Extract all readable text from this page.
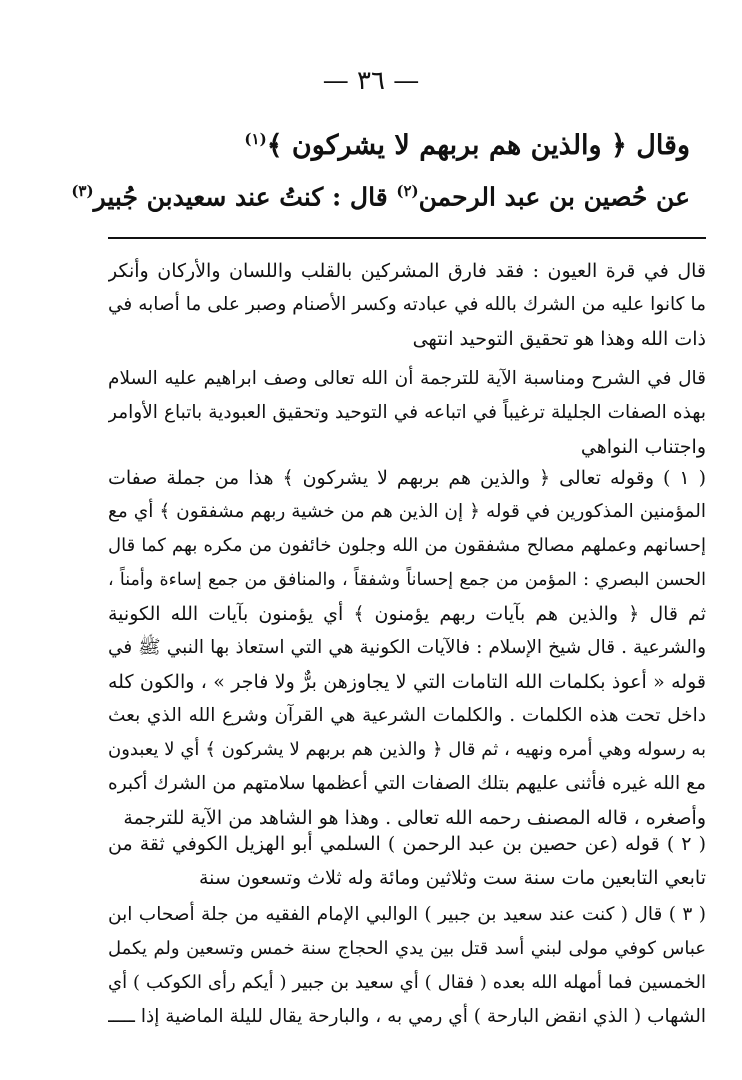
— ٣٦ —
وقال ﴿ والذين هم بربهم لا يشركون ﴾$^{(١)}$
عن حُصين بن عبد الرحمن$^{(٢)}$ قال : كنتُ عند سعيدبن جُبير$^{(٣)}$
قال في قرة العيون : فقد فارق المشركين بالقلب واللسان والأركان وأنكر
ما كانوا عليه من الشرك بالله في عبادته وكسر الأصنام وصبر على ما أصابه في
ذات الله وهذا هو تحقيق التوحيد انتهى
قال في الشرح ومناسبة الآية للترجمة أن الله تعالى وصف ابراهيم عليه السلام
بهذه الصفات الجليلة ترغيباً في اتباعه في التوحيد وتحقيق العبودية باتباع الأوامر
واجتناب النواهي
( ١ ) وقوله تعالى ﴿ والذين هم بربهم لا يشركون ﴾ هذا من جملة صفات
المؤمنين المذكورين في قوله ﴿ إن الذين هم من خشية ربهم مشفقون ﴾ أي مع
إحسانهم وعملهم مصالح مشفقون من الله وجلون خائفون من مكره بهم كما قال
الحسن البصري : المؤمن من جمع إحساناً وشفقاً ، والمنافق من جمع إساءة وأمناً ،
ثم قال ﴿ والذين هم بآيات ربهم يؤمنون ﴾ أي يؤمنون بآيات الله الكونية
والشرعية . قال شيخ الإسلام : فالآيات الكونية هي التي استعاذ بها النبي ﷺ في
قوله « أعوذ بكلمات الله التامات التي لا يجاوزهن برٌّ ولا فاجر » ، والكون كله
داخل تحت هذه الكلمات . والكلمات الشرعية هي القرآن وشرع الله الذي بعث
به رسوله وهي أمره ونهيه ، ثم قال ﴿ والذين هم بربهم لا يشركون ﴾ أي لا يعبدون
مع الله غيره فأثنى عليهم بتلك الصفات التي أعظمها سلامتهم من الشرك أكبره
وأصغره ، قاله المصنف رحمه الله تعالى . وهذا هو الشاهد من الآية للترجمة
( ٢ ) قوله (عن حصين بن عبد الرحمن ) السلمي أبو الهزيل الكوفي ثقة من
تابعي التابعين مات سنة ست وثلاثين ومائة وله ثلاث وتسعون سنة
( ٣ ) قال ( كنت عند سعيد بن جبير ) الوالبي الإمام الفقيه من جلة أصحاب ابن
عباس كوفي مولى لبني أسد قتل بين يدي الحجاج سنة خمس وتسعين ولم يكمل
الخمسين فما أمهله الله بعده ( فقال ) أي سعيد بن جبير ( أيكم رأى الكوكب ) أي
الشهاب ( الذي انقض البارحة ) أي رمي به ، والبارحة يقال لليلة الماضية إذا ـــــ
